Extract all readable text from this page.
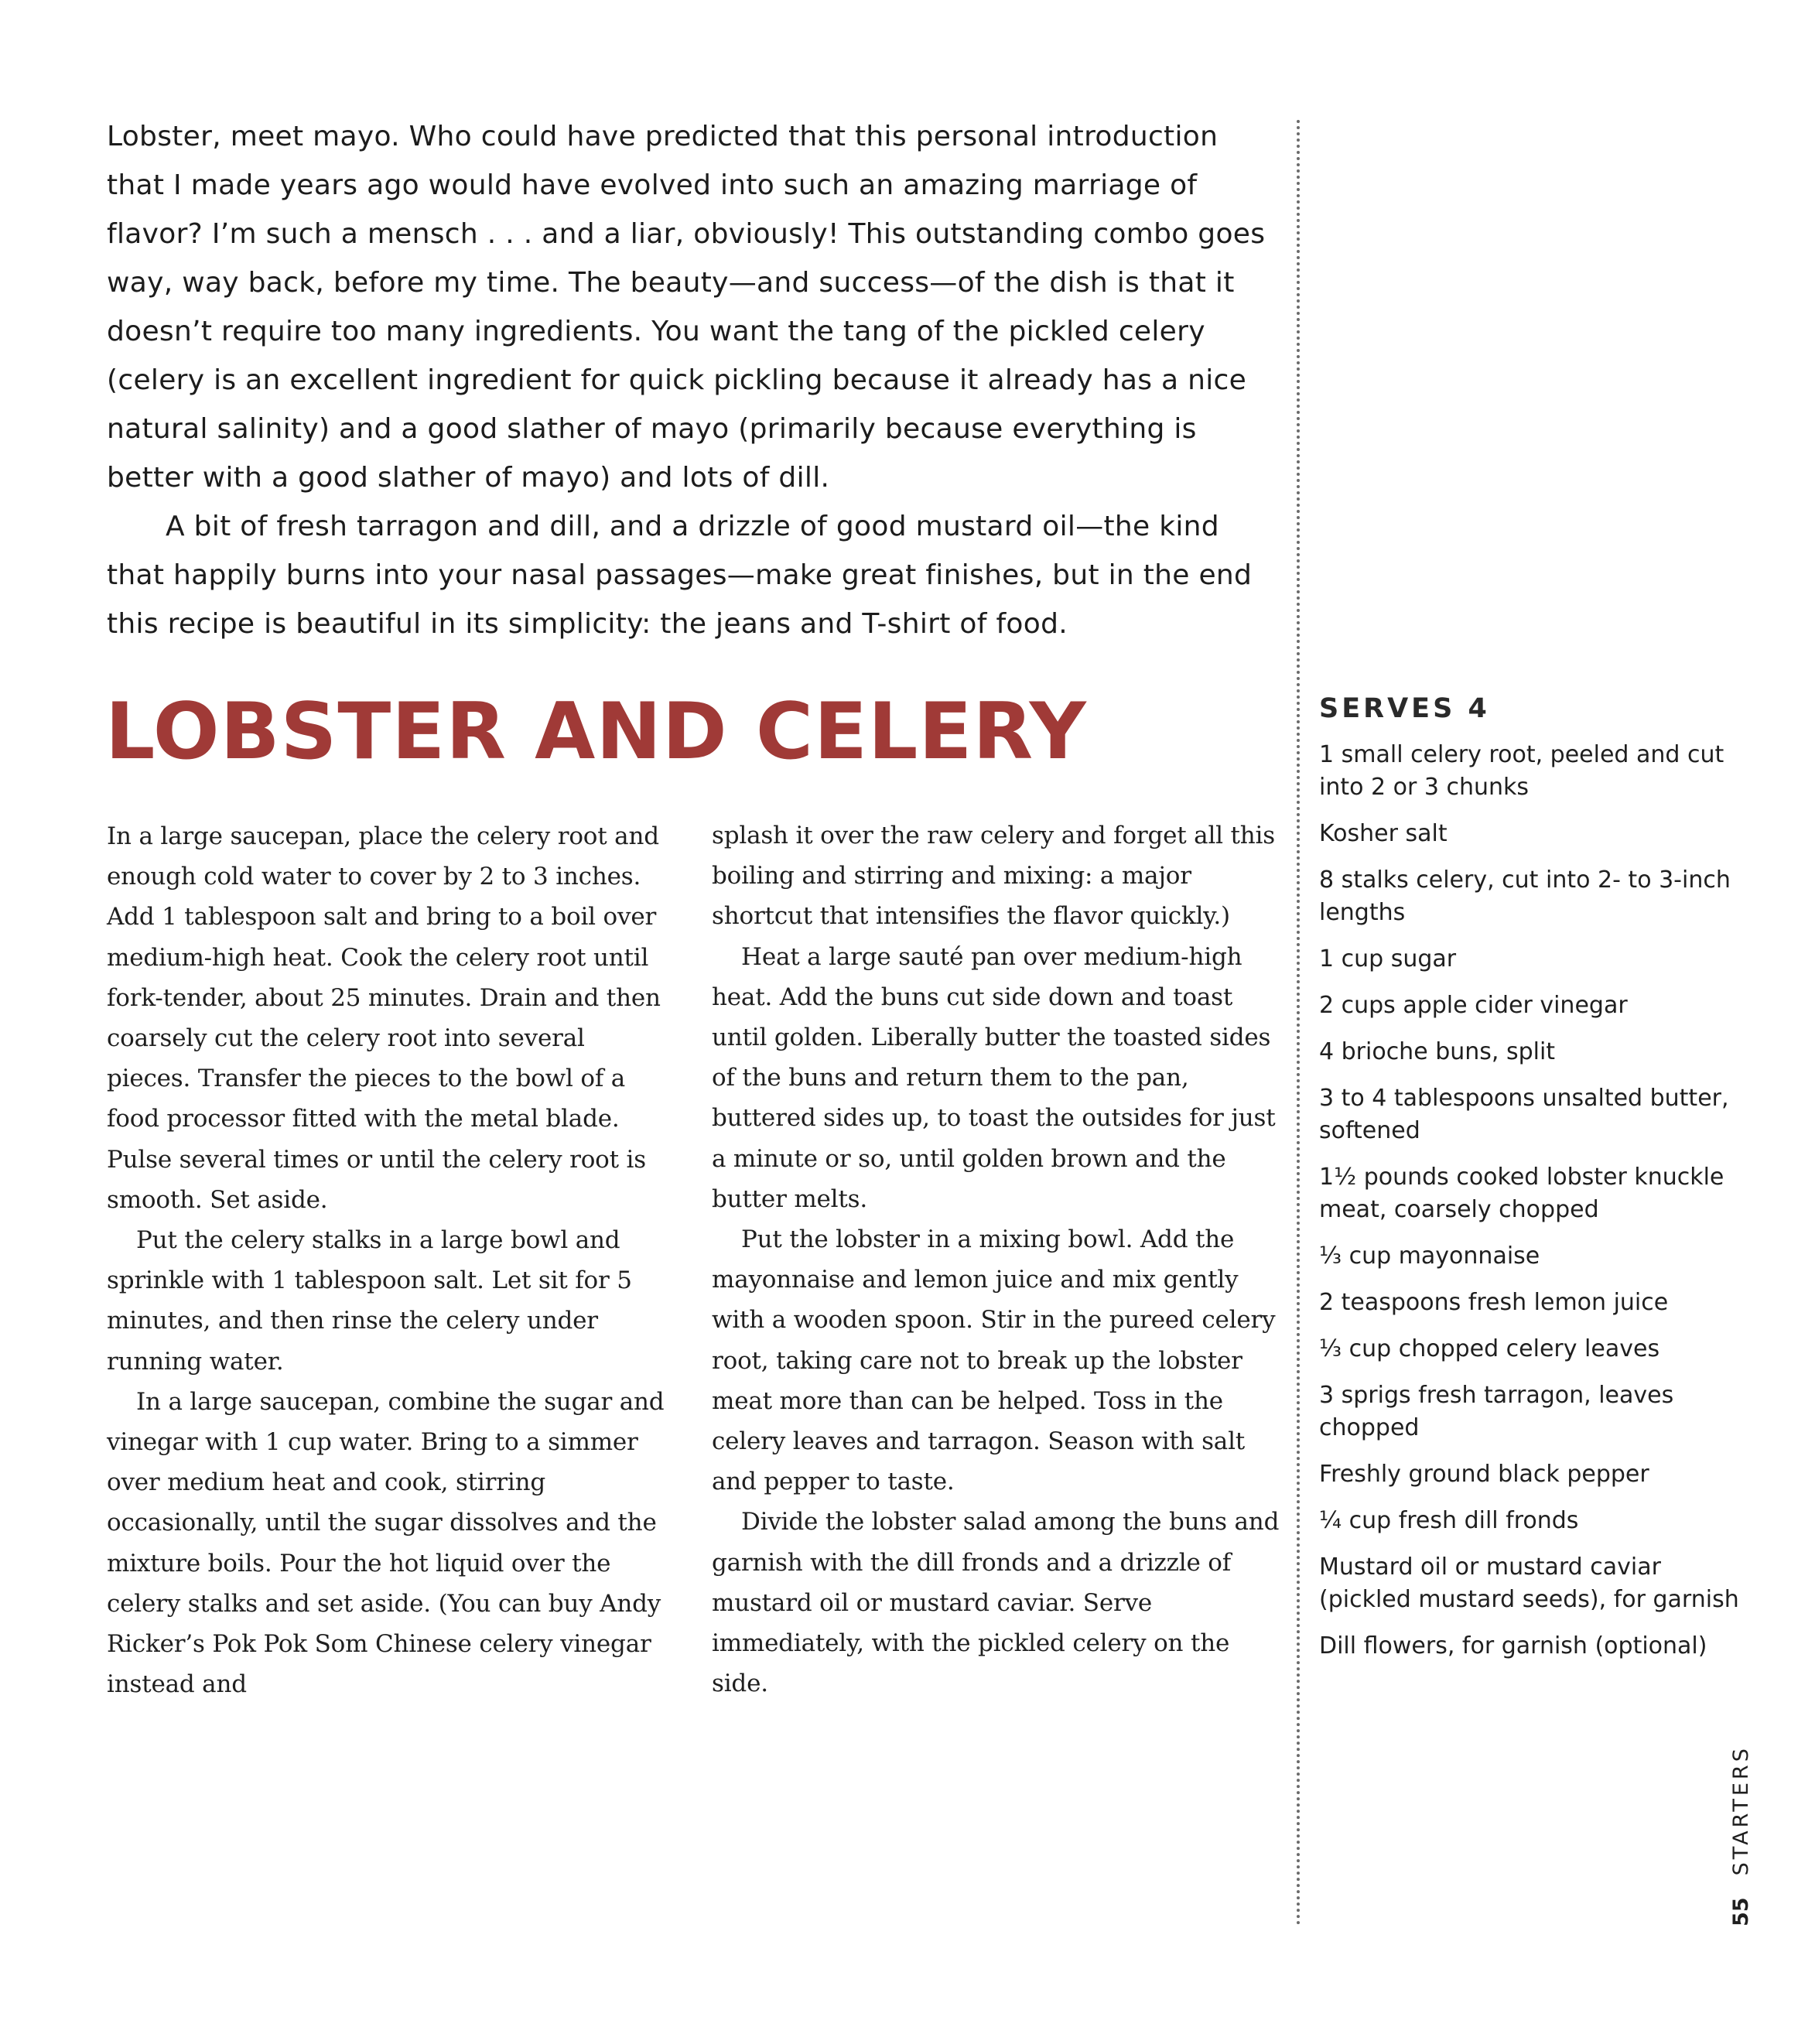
Lobster, meet mayo. Who could have predicted that this personal introduction that I made years ago would have evolved into such an amazing marriage of flavor? I’m such a mensch . . . and a liar, obviously! This outstanding combo goes way, way back, before my time. The beauty—and success—of the dish is that it doesn’t require too many ingredients. You want the tang of the pickled celery (celery is an excellent ingredient for quick pickling because it already has a nice natural salinity) and a good slather of mayo (primarily because everything is better with a good slather of mayo) and lots of dill.

A bit of fresh tarragon and dill, and a drizzle of good mustard oil—the kind that happily burns into your nasal passages—make great finishes, but in the end this recipe is beautiful in its simplicity: the jeans and T-shirt of food.

LOBSTER AND CELERY

In a large saucepan, place the celery root and enough cold water to cover by 2 to 3 inches. Add 1 tablespoon salt and bring to a boil over medium-high heat. Cook the celery root until fork-tender, about 25 minutes. Drain and then coarsely cut the celery root into several pieces. Transfer the pieces to the bowl of a food processor fitted with the metal blade. Pulse several times or until the celery root is smooth. Set aside.

Put the celery stalks in a large bowl and sprinkle with 1 tablespoon salt. Let sit for 5 minutes, and then rinse the celery under running water.

In a large saucepan, combine the sugar and vinegar with 1 cup water. Bring to a simmer over medium heat and cook, stirring occasionally, until the sugar dissolves and the mixture boils. Pour the hot liquid over the celery stalks and set aside. (You can buy Andy Ricker’s Pok Pok Som Chinese celery vinegar instead and

splash it over the raw celery and forget all this boiling and stirring and mixing: a major shortcut that intensifies the flavor quickly.)

Heat a large sauté pan over medium-high heat. Add the buns cut side down and toast until golden. Liberally butter the toasted sides of the buns and return them to the pan, buttered sides up, to toast the outsides for just a minute or so, until golden brown and the butter melts.

Put the lobster in a mixing bowl. Add the mayonnaise and lemon juice and mix gently with a wooden spoon. Stir in the pureed celery root, taking care not to break up the lobster meat more than can be helped. Toss in the celery leaves and tarragon. Season with salt and pepper to taste.

Divide the lobster salad among the buns and garnish with the dill fronds and a drizzle of mustard oil or mustard caviar. Serve immediately, with the pickled celery on the side.

SERVES 4
1 small celery root, peeled and cut into 2 or 3 chunks
Kosher salt
8 stalks celery, cut into 2- to 3-inch lengths
1 cup sugar
2 cups apple cider vinegar
4 brioche buns, split
3 to 4 tablespoons unsalted butter, softened
1½ pounds cooked lobster knuckle meat, coarsely chopped
⅓ cup mayonnaise
2 teaspoons fresh lemon juice
⅓ cup chopped celery leaves
3 sprigs fresh tarragon, leaves chopped
Freshly ground black pepper
¼ cup fresh dill fronds
Mustard oil or mustard caviar (pickled mustard seeds), for garnish
Dill flowers, for garnish (optional)
55STARTERS
